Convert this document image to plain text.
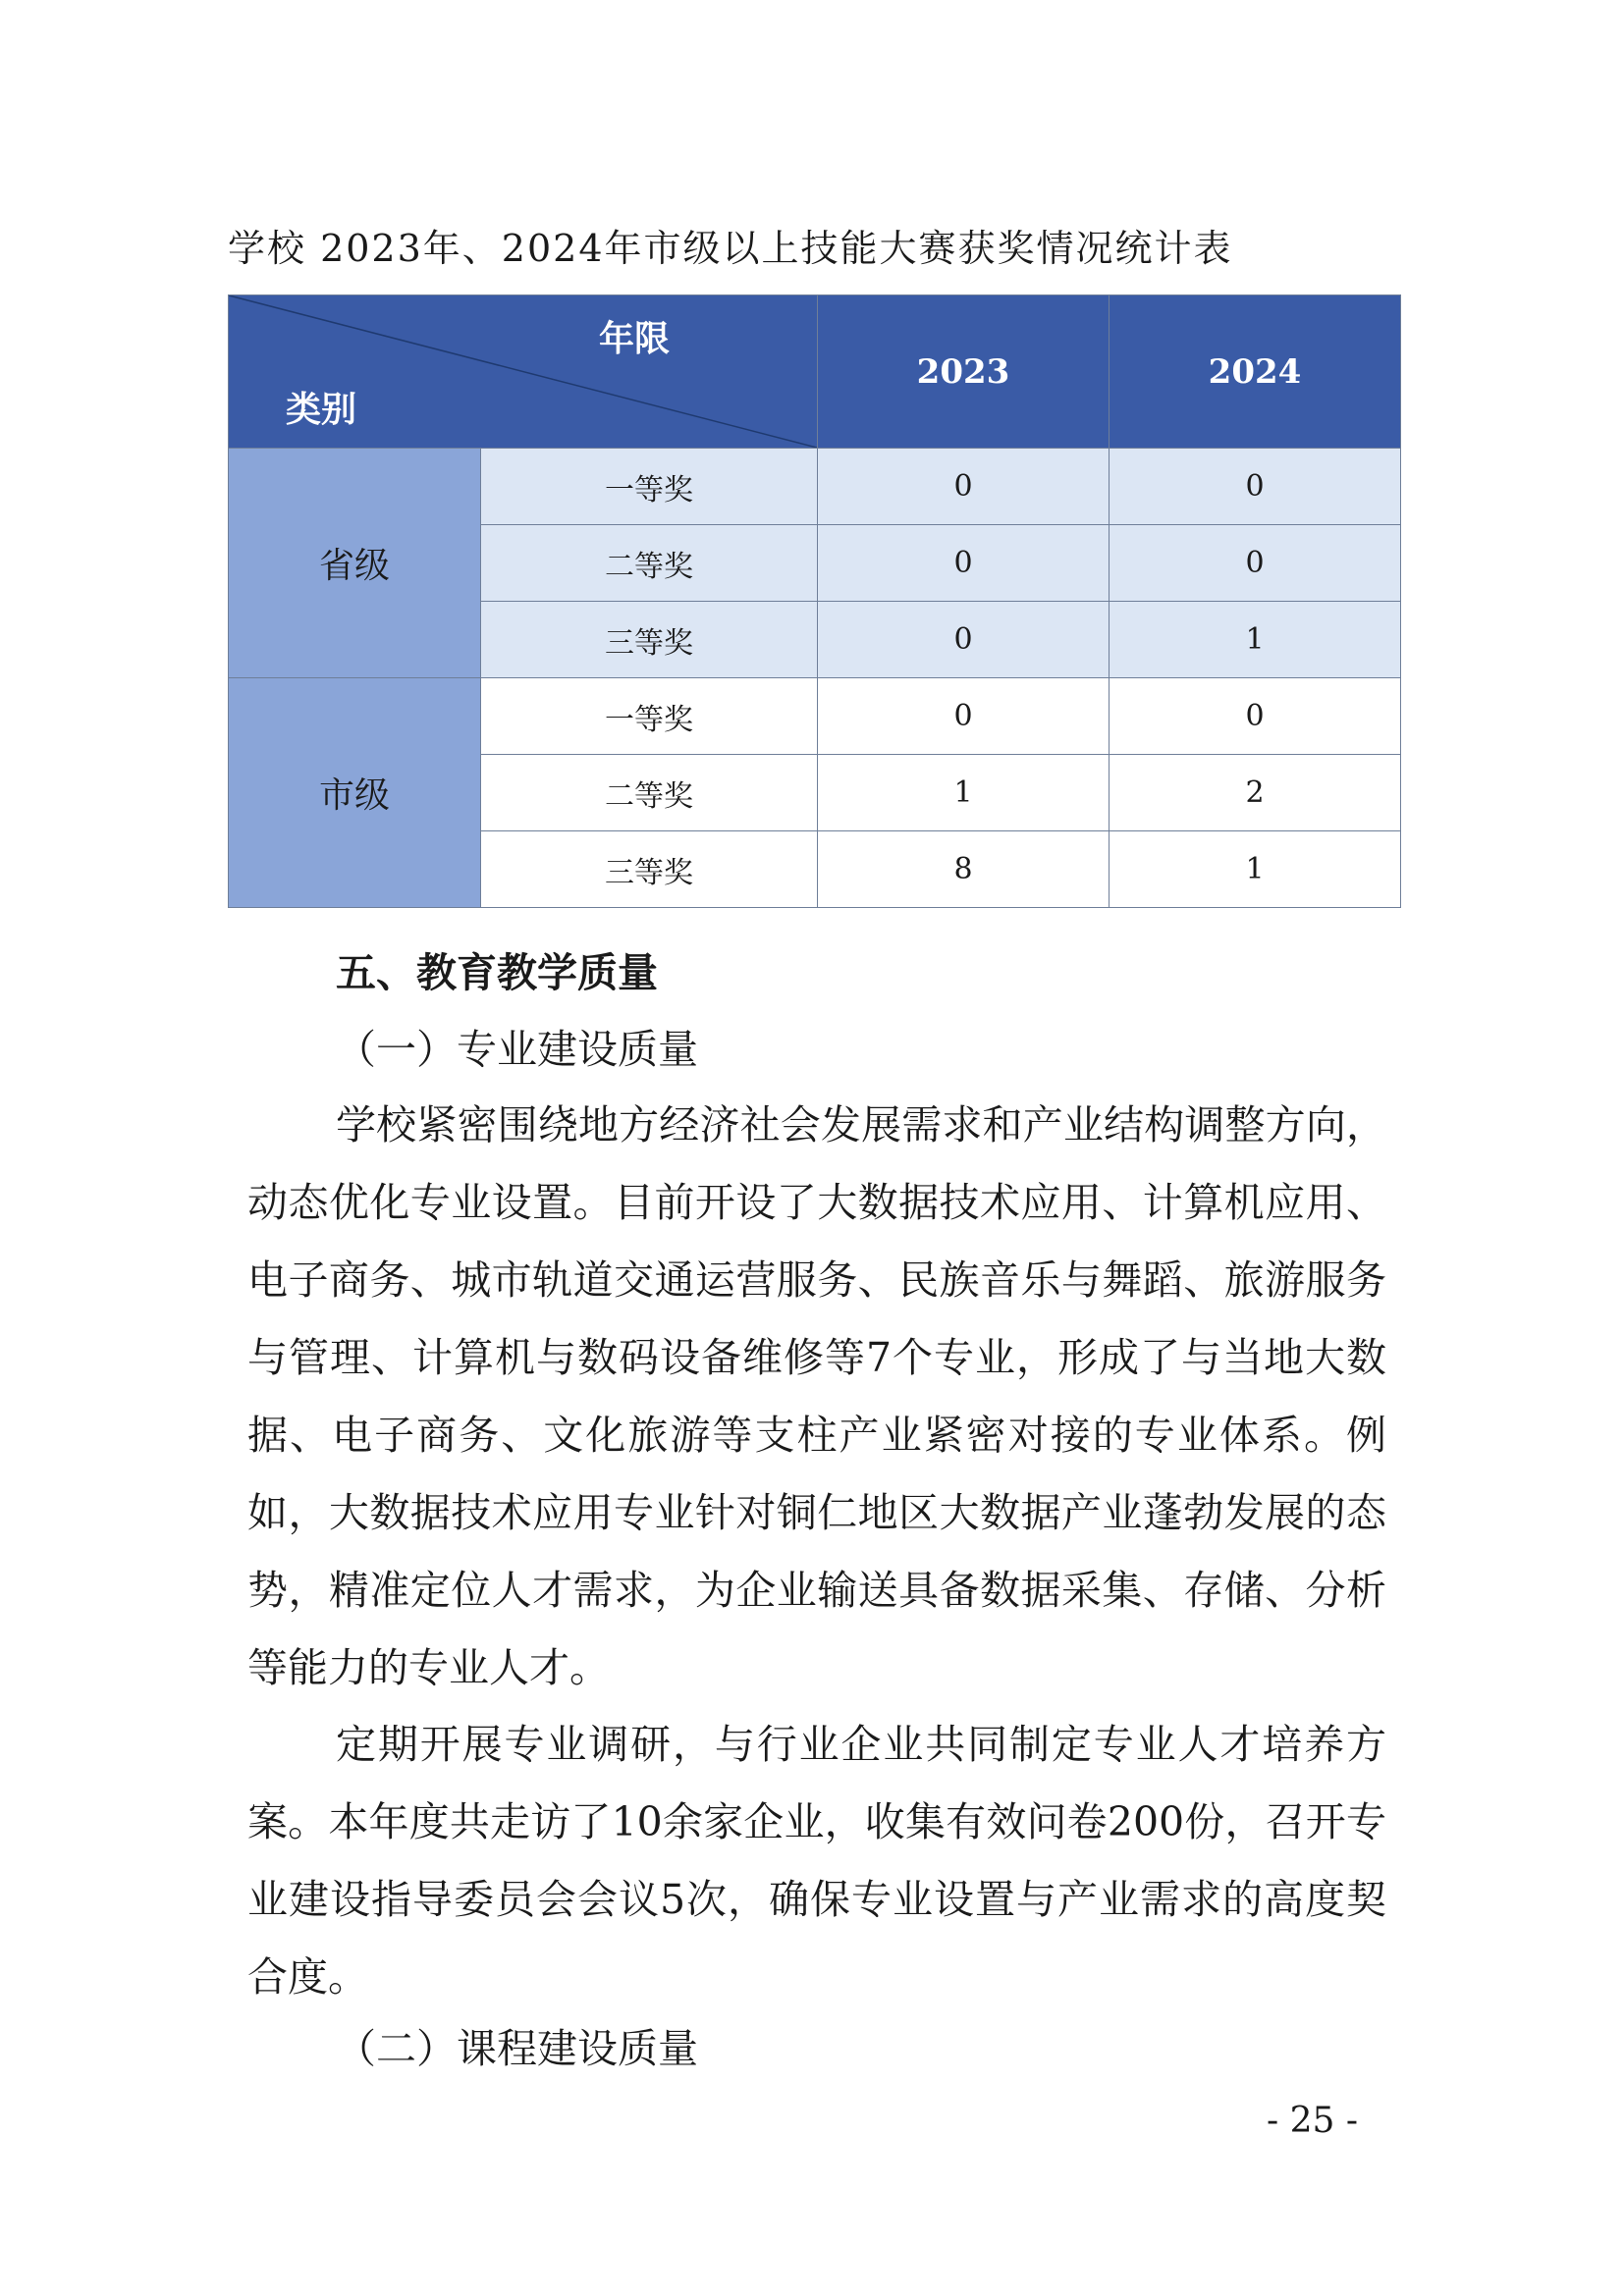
学校 2023年、2024年市级以上技能大赛获奖情况统计表
年限
类别		2023	2024
省级	一等奖	0	0
	二等奖	0	0
	三等奖	0	1
市级	一等奖	0	0
	二等奖	1	2
	三等奖	8	1
五、教育教学质量
（一）专业建设质量

学校紧密围绕地方经济社会发展需求和产业结构调整方向，动态优化专业设置。目前开设了大数据技术应用、计算机应用、电子商务、城市轨道交通运营服务、民族音乐与舞蹈、旅游服务与管理、计算机与数码设备维修等7个专业，形成了与当地大数据、电子商务、文化旅游等支柱产业紧密对接的专业体系。例如，大数据技术应用专业针对铜仁地区大数据产业蓬勃发展的态势，精准定位人才需求，为企业输送具备数据采集、存储、分析等能力的专业人才。

定期开展专业调研，与行业企业共同制定专业人才培养方案。本年度共走访了10余家企业，收集有效问卷200份，召开专业建设指导委员会会议5次，确保专业设置与产业需求的高度契合度。

（二）课程建设质量
- 25 -
